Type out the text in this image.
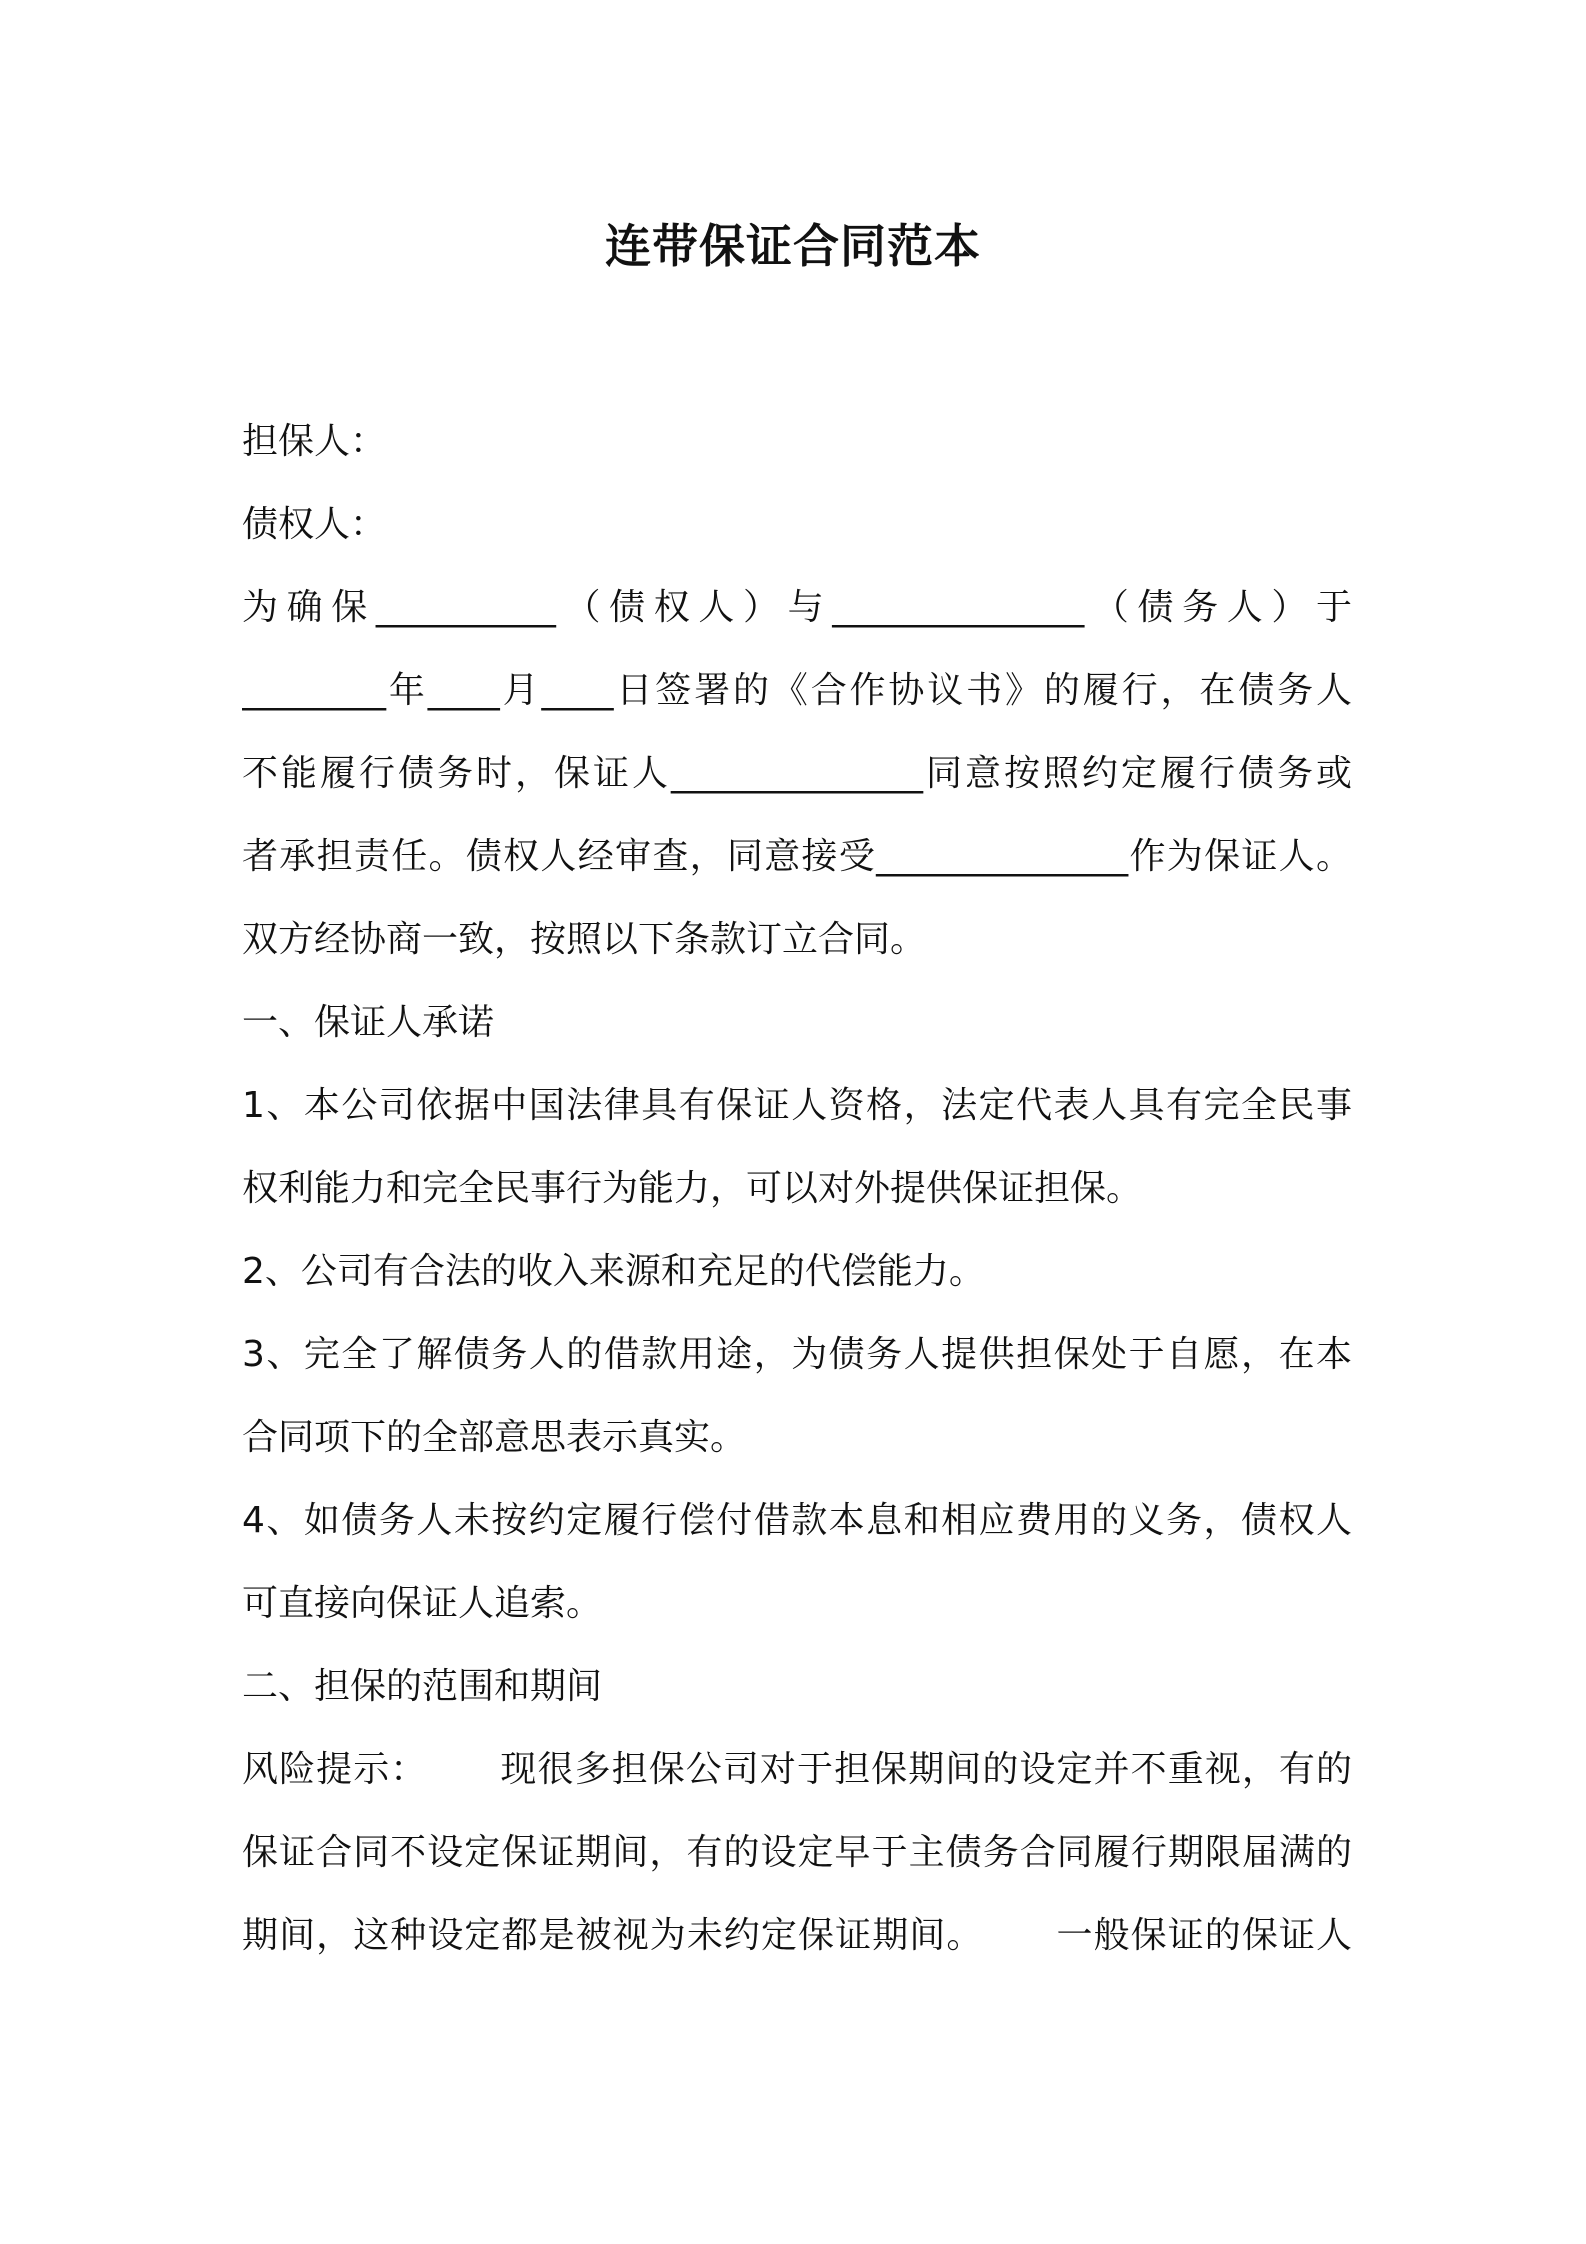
连带保证合同范本
担保人：
债权人：
为确保__________（债权人）与______________（债务人）于
________年____月____日签署的《合作协议书》的履行，在债务人
不能履行债务时，保证人______________同意按照约定履行债务或
者承担责任。债权人经审查，同意接受______________作为保证人。
双方经协商一致，按照以下条款订立合同。
一、保证人承诺
1、本公司依据中国法律具有保证人资格，法定代表人具有完全民事
权利能力和完全民事行为能力，可以对外提供保证担保。
2、公司有合法的收入来源和充足的代偿能力。
3、完全了解债务人的借款用途，为债务人提供担保处于自愿，在本
合同项下的全部意思表示真实。
4、如债务人未按约定履行偿付借款本息和相应费用的义务，债权人
可直接向保证人追索。
二、担保的范围和期间
风险提示： 现很多担保公司对于担保期间的设定并不重视，有的
保证合同不设定保证期间，有的设定早于主债务合同履行期限届满的
期间，这种设定都是被视为未约定保证期间。 一般保证的保证人
